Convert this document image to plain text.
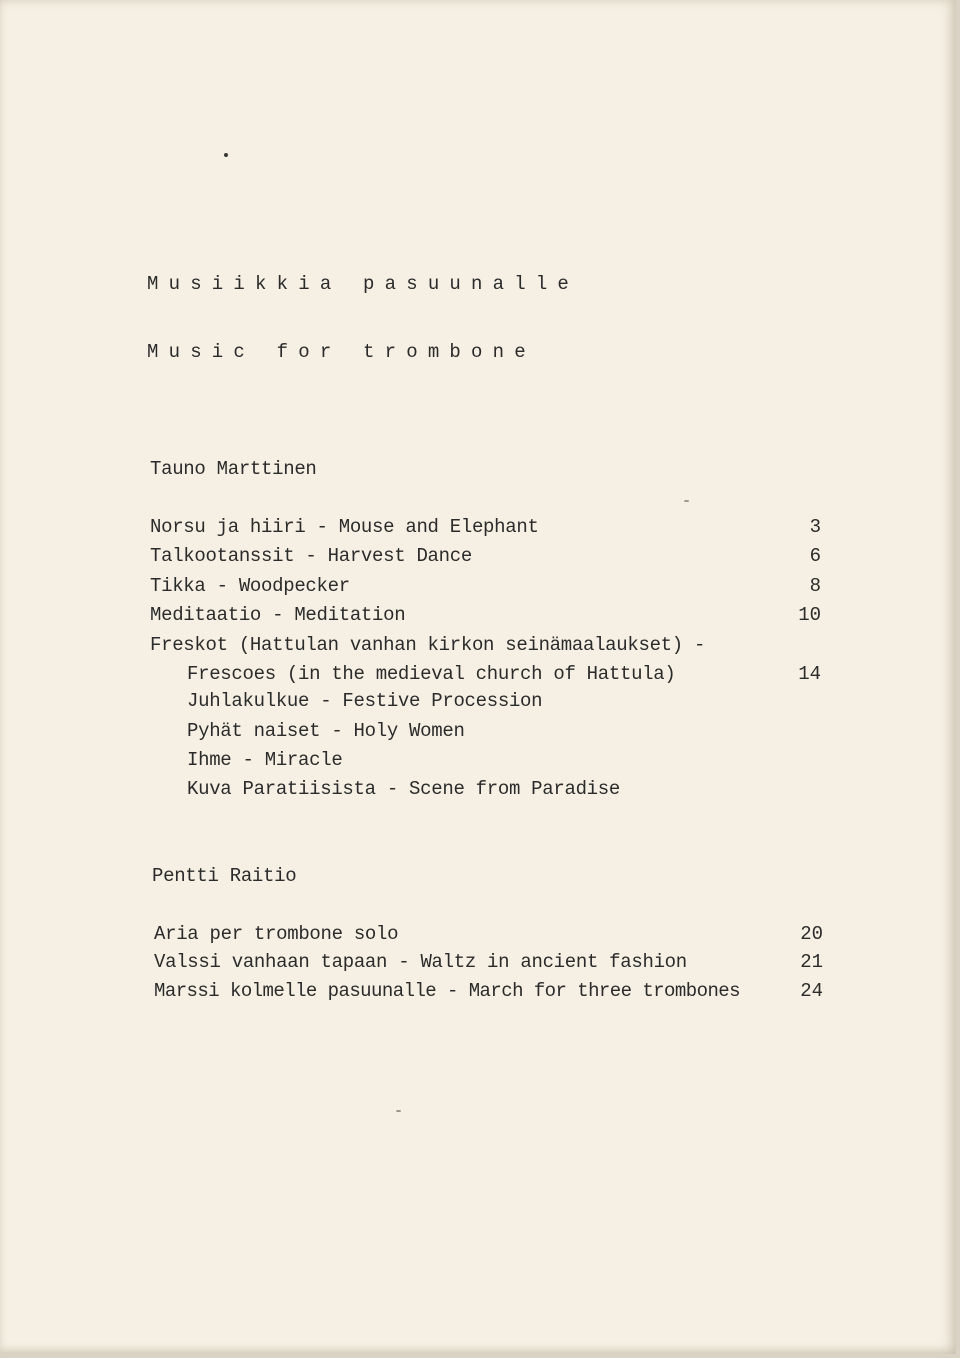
Musiikkia pasuunalle
Music for trombone
Tauno Marttinen
Norsu ja hiiri - Mouse and Elephant	3
Talkootanssit - Harvest Dance	6
Tikka - Woodpecker	8
Meditaatio - Meditation	10
Freskot (Hattulan vanhan kirkon seinämaalaukset) -
Frescoes (in the medieval church of Hattula)	14
Juhlakulkue - Festive Procession
Pyhät naiset - Holy Women
Ihme - Miracle
Kuva Paratiisista - Scene from Paradise
Pentti Raitio
Aria per trombone solo	20
Valssi vanhaan tapaan - Waltz in ancient fashion	21
Marssi kolmelle pasuunalle - March for three trombones	24
